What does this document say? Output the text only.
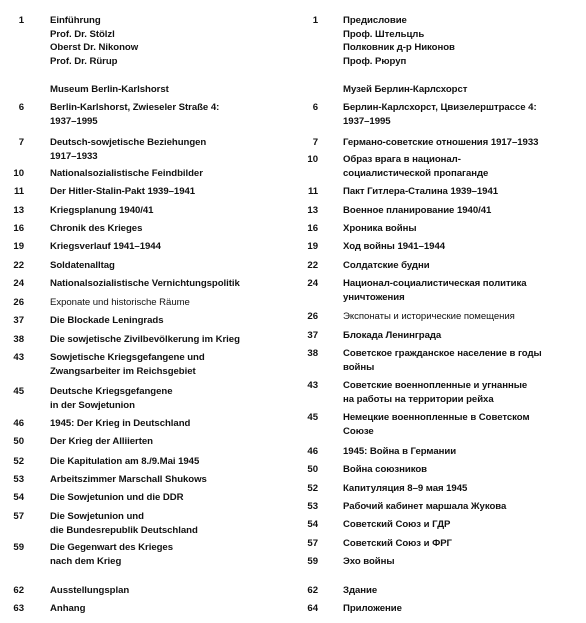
1	Einführung
Prof. Dr. Stölzl
Oberst Dr. Nikonow
Prof. Dr. Rürup
Museum Berlin-Karlshorst
6	Berlin-Karlshorst, Zwieseler Straße 4:
1937–1995
7	Deutsch-sowjetische Beziehungen
1917–1933
10	Nationalsozialistische Feindbilder
11	Der Hitler-Stalin-Pakt 1939–1941
13	Kriegsplanung 1940/41
16	Chronik des Krieges
19	Kriegsverlauf 1941–1944
22	Soldatenalltag
24	Nationalsozialistische Vernichtungspolitik
26	Exponate und historische Räume
37	Die Blockade Leningrads
38	Die sowjetische Zivilbevölkerung im Krieg
43	Sowjetische Kriegsgefangene und
Zwangsarbeiter im Reichsgebiet
45	Deutsche Kriegsgefangene
in der Sowjetunion
46	1945: Der Krieg in Deutschland
50	Der Krieg der Alliierten
52	Die Kapitulation am 8./9.Mai 1945
53	Arbeitszimmer Marschall Shukows
54	Die Sowjetunion und die DDR
57	Die Sowjetunion und
die Bundesrepublik Deutschland
59	Die Gegenwart des Krieges
nach dem Krieg
62	Ausstellungsplan
63	Anhang
1	Предисловие
Проф. Штельцль
Полковник д-р Никонов
Проф. Рюруп
Музей Берлин-Карлсхорст
6	Берлин-Карлсхорст, Цвизелерштрассе 4:
1937–1995
7	Германо-советские отношения 1917–1933
10	Образ врага в национал-
социалистической пропаганде
11	Пакт Гитлера-Сталина 1939–1941
13	Военное планирование 1940/41
16	Хроника войны
19	Ход войны 1941–1944
22	Солдатские будни
24	Национал-социалистическая политика
уничтожения
26	Экспонаты и исторические помещения
37	Блокада Ленинграда
38	Советское гражданское население в годы
войны
43	Советские военнопленные и угнанные
на работы на территории рейха
45	Немецкие военнопленные в Советском
Союзе
46	1945: Война в Германии
50	Война союзников
52	Капитуляция 8–9 мая 1945
53	Рабочий кабинет маршала Жукова
54	Советский Союз и ГДР
57	Советский Союз и ФРГ
59	Эхо войны
62	Здание
64	Приложение
